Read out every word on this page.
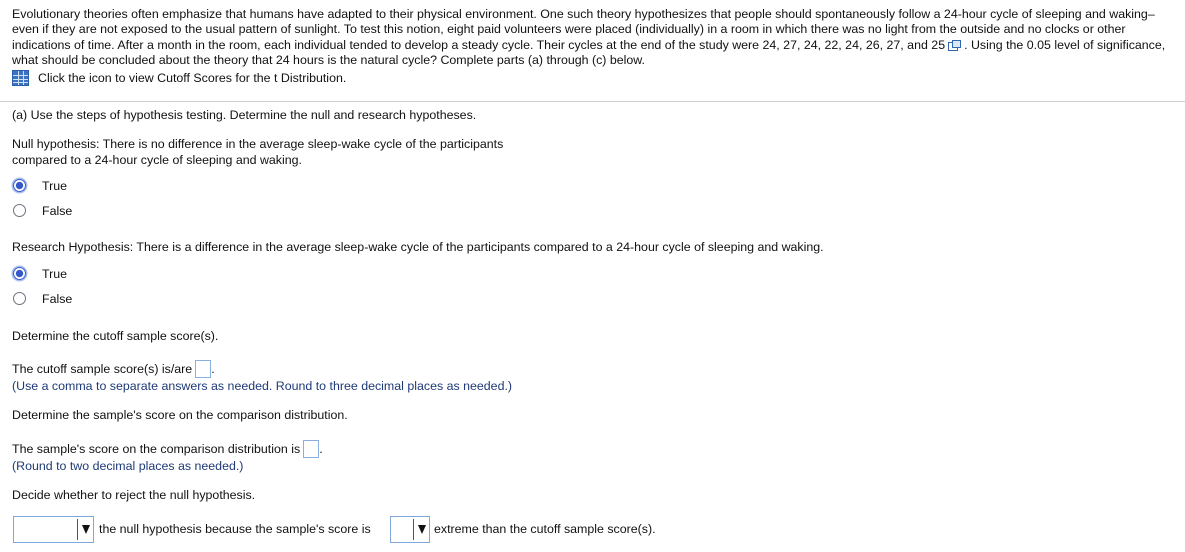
Evolutionary theories often emphasize that humans have adapted to their physical environment. One such theory hypothesizes that people should spontaneously follow a 24-hour cycle of sleeping and waking–even if they are not exposed to the usual pattern of sunlight. To test this notion, eight paid volunteers were placed (individually) in a room in which there was no light from the outside and no clocks or other indications of time. After a month in the room, each individual tended to develop a steady cycle. Their cycles at the end of the study were 24, 27, 24, 22, 24, 26, 27, and 25 . Using the 0.05 level of significance, what should be concluded about the theory that 24 hours is the natural cycle? Complete parts (a) through (c) below.
Click the icon to view Cutoff Scores for the t Distribution.
(a) Use the steps of hypothesis testing. Determine the null and research hypotheses.
Null hypothesis: There is no difference in the average sleep-wake cycle of the participants
compared to a 24-hour cycle of sleeping and waking.
True
False
Research Hypothesis: There is a difference in the average sleep-wake cycle of the participants compared to a 24-hour cycle of sleeping and waking.
True
False
Determine the cutoff sample score(s).
The cutoff sample score(s) is/are .
(Use a comma to separate answers as needed. Round to three decimal places as needed.)
Determine the sample's score on the comparison distribution.
The sample's score on the comparison distribution is .
(Round to two decimal places as needed.)
Decide whether to reject the null hypothesis.
the null hypothesis because the sample's score is	extreme than the cutoff sample score(s).
